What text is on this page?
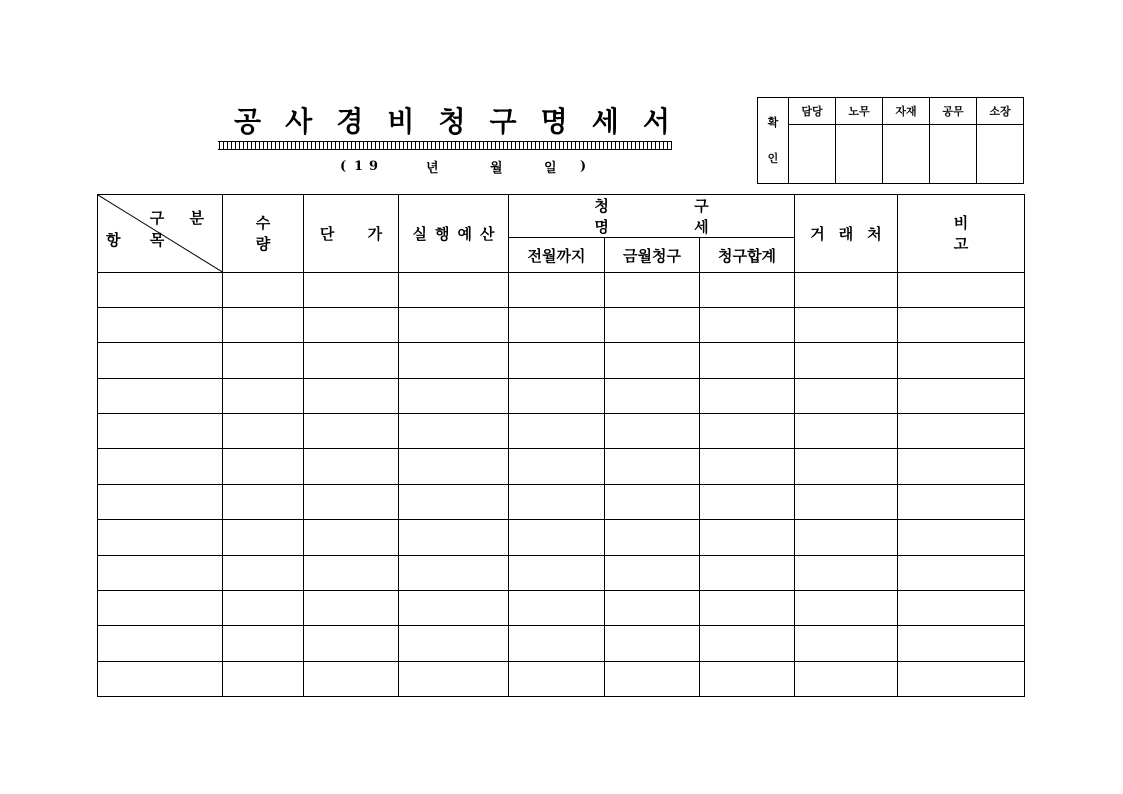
공 사 경 비 청 구 명 세 서
( 19	년	월	일 )
확
인	담당	노무	자재	공무	소장

구 분
항 목	수 량	단 가	실행예산	청 구 명 세			거래처	비 고
				전월까지	금월청구	청구합계		
